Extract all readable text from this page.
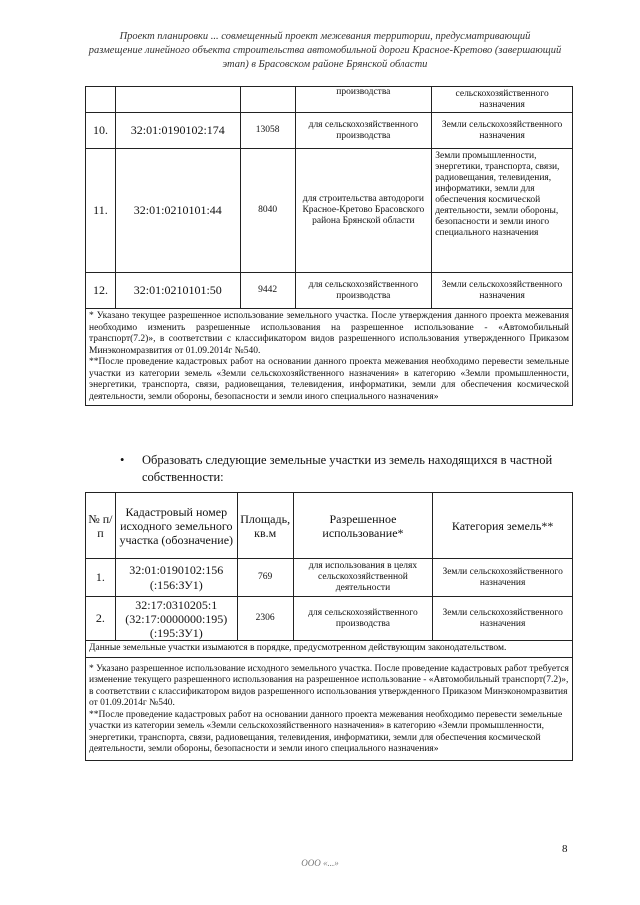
Проект планировки ... совмещенный проект межевания территории, предусматривающий
размещение линейного объекта строительства автомобильной дороги Красное-Кретово (завершающий
этап) в Брасовском районе Брянской области
			производства	сельскохозяйственного назначения
10.	32:01:0190102:174	13058	для сельскохозяйственного производства	Земли сельскохозяйственного назначения
11.	32:01:0210101:44	8040	для строительства автодороги Красное-Кретово Брасовского района Брянской области	Земли промышленности, энергетики, транспорта, связи, радиовещания, телевидения, информатики, земли для обеспечения космической деятельности, земли обороны, безопасности и земли иного специального назначения
12.	32:01:0210101:50	9442	для сельскохозяйственного производства	Земли сельскохозяйственного назначения

* Указано текущее разрешенное использование земельного участка. После утверждения данного проекта межевания необходимо изменить разрешенные использования на разрешенное использование - «Автомобильный транспорт(7.2)», в соответствии с классификатором видов разрешенного использования утвержденного Приказом Минэкономразвития от 01.09.2014г №540.
**После проведение кадастровых работ на основании данного проекта межевания необходимо перевести земельные участки из категории земель «Земли сельскохозяйственного назначения» в категорию «Земли промышленности, энергетики, транспорта, связи, радиовещания, телевидения, информатики, земли для обеспечения космической деятельности, земли обороны, безопасности и земли иного специального назначения»				
• Образовать следующие земельные участки из земель находящихся в частной собственности:
№ п/п	Кадастровый номер исходного земельного участка (обозначение)	Площадь, кв.м	Разрешенное использование*	Категория земель**
1.	32:01:0190102:156 (:156:ЗУ1)	769	для использования в целях сельскохозяйственной деятельности	Земли сельскохозяйственного назначения
2.	32:17:0310205:1 (32:17:0000000:195) (:195:ЗУ1)	2306	для сельскохозяйственного производства	Земли сельскохозяйственного назначения
Данные земельные участки изымаются в порядке, предусмотренном действующим законодательством.				

* Указано разрешенное использование исходного земельного участка. После проведение кадастровых работ требуется изменение текущего разрешенного использования на разрешенное использование - «Автомобильный транспорт(7.2)», в соответствии с классификатором видов разрешенного использования утвержденного Приказом Минэкономразвития от 01.09.2014г №540.
**После проведение кадастровых работ на основании данного проекта межевания необходимо перевести земельные участки из категории земель «Земли сельскохозяйственного назначения» в категорию «Земли промышленности, энергетики, транспорта, связи, радиовещания, телевидения, информатики, земли для обеспечения космической деятельности, земли обороны, безопасности и земли иного специального назначения»				
8
ООО «...»
